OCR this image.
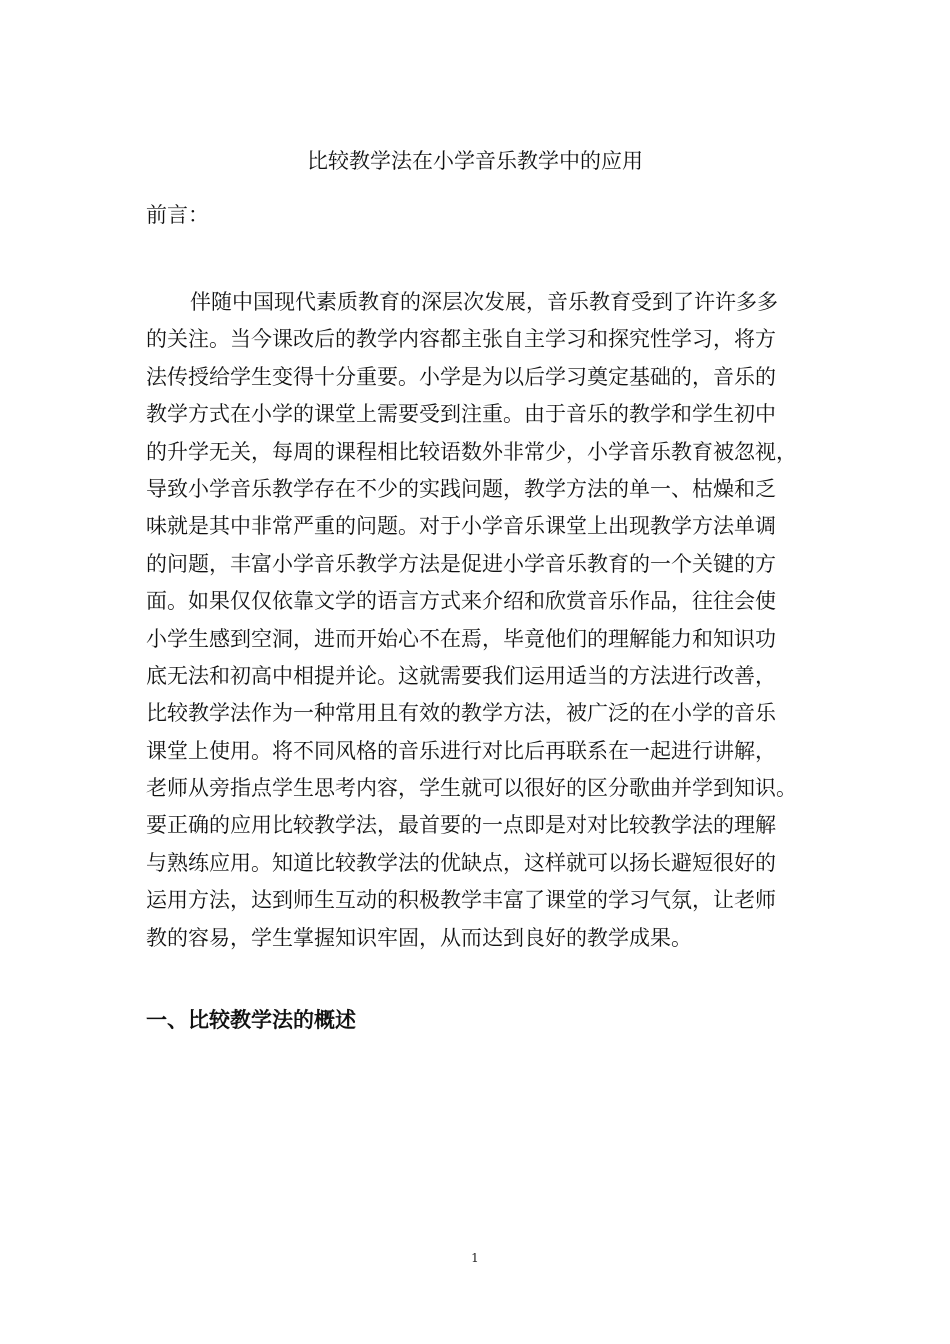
比较教学法在小学音乐教学中的应用
前言：
伴随中国现代素质教育的深层次发展，音乐教育受到了许许多多
的关注。当今课改后的教学内容都主张自主学习和探究性学习，将方
法传授给学生变得十分重要。小学是为以后学习奠定基础的，音乐的
教学方式在小学的课堂上需要受到注重。由于音乐的教学和学生初中
的升学无关，每周的课程相比较语数外非常少，小学音乐教育被忽视，
导致小学音乐教学存在不少的实践问题，教学方法的单一、枯燥和乏
味就是其中非常严重的问题。对于小学音乐课堂上出现教学方法单调
的问题，丰富小学音乐教学方法是促进小学音乐教育的一个关键的方
面。如果仅仅依靠文学的语言方式来介绍和欣赏音乐作品，往往会使
小学生感到空洞，进而开始心不在焉，毕竟他们的理解能力和知识功
底无法和初高中相提并论。这就需要我们运用适当的方法进行改善，
比较教学法作为一种常用且有效的教学方法，被广泛的在小学的音乐
课堂上使用。将不同风格的音乐进行对比后再联系在一起进行讲解，
老师从旁指点学生思考内容，学生就可以很好的区分歌曲并学到知识。
要正确的应用比较教学法，最首要的一点即是对对比较教学法的理解
与熟练应用。知道比较教学法的优缺点，这样就可以扬长避短很好的
运用方法，达到师生互动的积极教学丰富了课堂的学习气氛，让老师
教的容易，学生掌握知识牢固，从而达到良好的教学成果。
一、比较教学法的概述
1
